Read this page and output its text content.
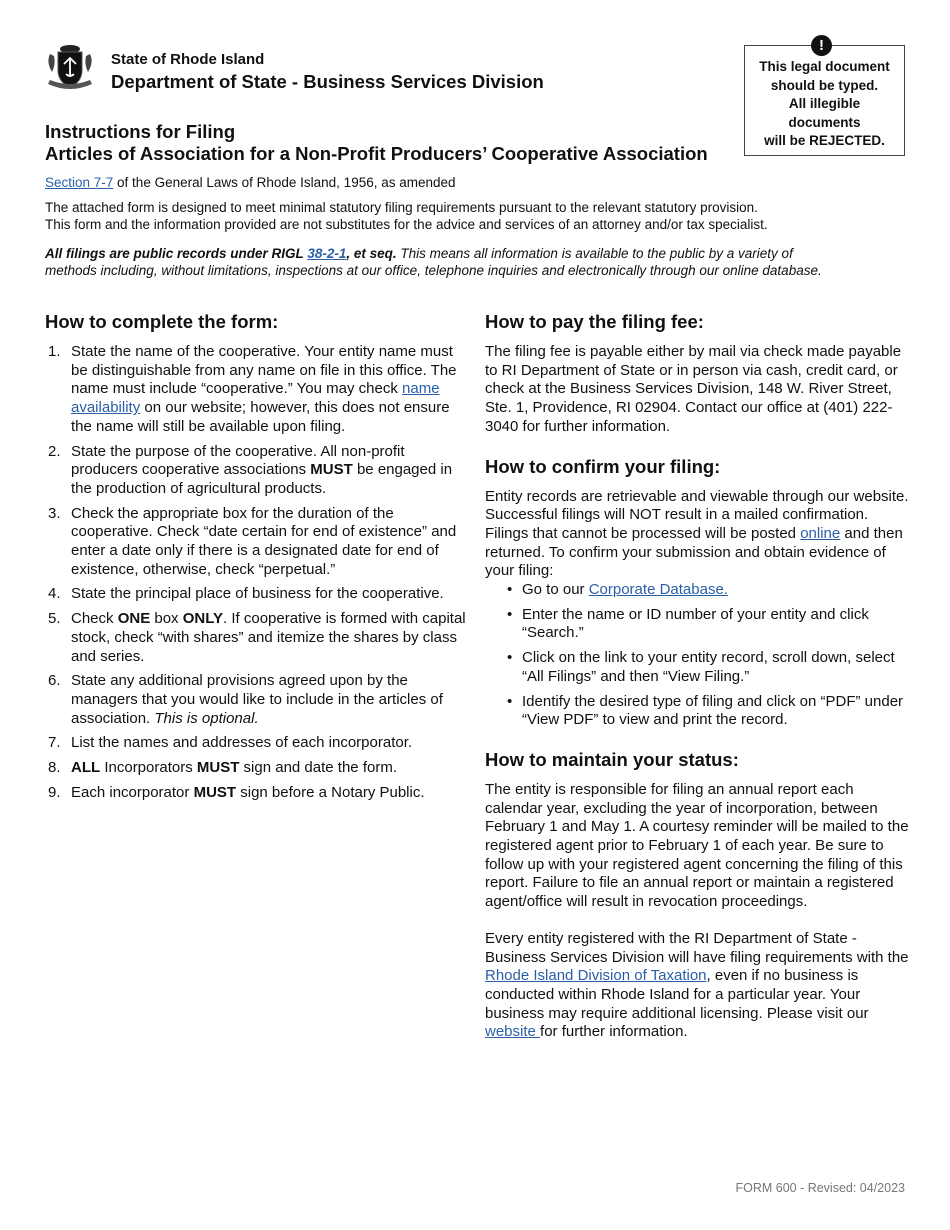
State of Rhode Island
Department of State - Business Services Division
This legal document
should be typed.
All illegible
documents
will be REJECTED.
!
Instructions for Filing
Articles of Association for a Non-Profit Producers’ Cooperative Association
Section 7-7 of the General Laws of Rhode Island, 1956, as amended
The attached form is designed to meet minimal statutory filing requirements pursuant to the relevant statutory provision.
This form and the information provided are not substitutes for the advice and services of an attorney and/or tax specialist.
All filings are public records under RIGL 38-2-1, et seq. This means all information is available to the public by a variety of methods including, without limitations, inspections at our office, telephone inquiries and electronically through our online database.
How to complete the form:
1. State the name of the cooperative. Your entity name must be distinguishable from any name on file in this office. The name must include “cooperative.” You may check name availability on our website; however, this does not ensure the name will still be available upon filing.
2. State the purpose of the cooperative. All non-profit producers cooperative associations MUST be engaged in the production of agricultural products.
3. Check the appropriate box for the duration of the cooperative. Check “date certain for end of existence” and enter a date only if there is a designated date for end of existence, otherwise, check “perpetual.”
4. State the principal place of business for the cooperative.
5. Check ONE box ONLY. If cooperative is formed with capital stock, check “with shares” and itemize the shares by class and series.
6. State any additional provisions agreed upon by the managers that you would like to include in the articles of association. This is optional.
7. List the names and addresses of each incorporator.
8. ALL Incorporators MUST sign and date the form.
9. Each incorporator MUST sign before a Notary Public.
How to pay the filing fee:

The filing fee is payable either by mail via check made payable to RI Department of State or in person via cash, credit card, or check at the Business Services Division, 148 W. River Street, Ste. 1, Providence, RI 02904. Contact our office at (401) 222-3040 for further information.

How to confirm your filing:

Entity records are retrievable and viewable through our website. Successful filings will NOT result in a mailed confirmation. Filings that cannot be processed will be posted online and then returned. To confirm your submission and obtain evidence of your filing:

• Go to our Corporate Database.
• Enter the name or ID number of your entity and click “Search.”
• Click on the link to your entity record, scroll down, select “All Filings” and then “View Filing.”
• Identify the desired type of filing and click on “PDF” under “View PDF” to view and print the record.
How to maintain your status:

The entity is responsible for filing an annual report each calendar year, excluding the year of incorporation, between February 1 and May 1. A courtesy reminder will be mailed to the registered agent prior to February 1 of each year. Be sure to follow up with your registered agent concerning the filing of this report. Failure to file an annual report or maintain a registered agent/office will result in revocation proceedings.

Every entity registered with the RI Department of State - Business Services Division will have filing requirements with the Rhode Island Division of Taxation, even if no business is conducted within Rhode Island for a particular year. Your business may require additional licensing. Please visit our website for further information.

FORM 600 - Revised: 04/2023
